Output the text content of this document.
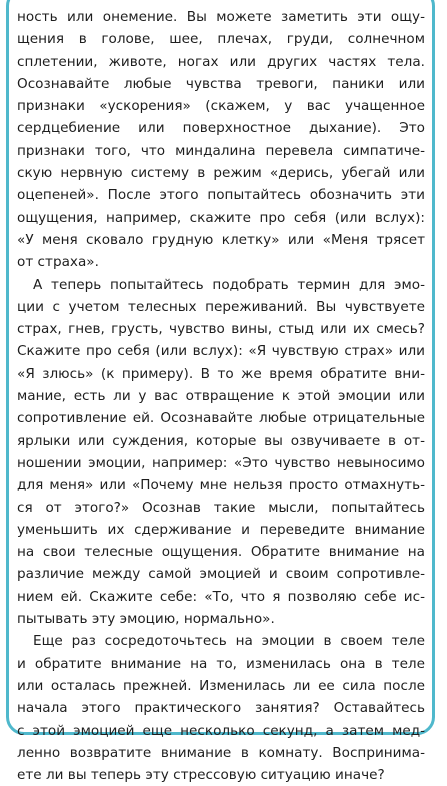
ность или онемение. Вы можете заметить эти ощу-
щения в голове, шее, плечах, груди, солнечном
сплетении, животе, ногах или других частях тела.
Осознавайте любые чувства тревоги, паники или
признаки «ускорения» (скажем, у вас учащенное
сердцебиение или поверхностное дыхание). Это
признаки того, что миндалина перевела симпатиче-
скую нервную систему в режим «дерись, убегай или
оцепеней». После этого попытайтесь обозначить эти
ощущения, например, скажите про себя (или вслух):
«У меня сковало грудную клетку» или «Меня трясет
от страха».
А теперь попытайтесь подобрать термин для эмо-
ции с учетом телесных переживаний. Вы чувствуете
страх, гнев, грусть, чувство вины, стыд или их смесь?
Скажите про себя (или вслух): «Я чувствую страх» или
«Я злюсь» (к примеру). В то же время обратите вни-
мание, есть ли у вас отвращение к этой эмоции или
сопротивление ей. Осознавайте любые отрицательные
ярлыки или суждения, которые вы озвучиваете в от-
ношении эмоции, например: «Это чувство невыносимо
для меня» или «Почему мне нельзя просто отмахнуть-
ся от этого?» Осознав такие мысли, попытайтесь
уменьшить их сдерживание и переведите внимание
на свои телесные ощущения. Обратите внимание на
различие между самой эмоцией и своим сопротивле-
нием ей. Скажите себе: «То, что я позволяю себе ис-
пытывать эту эмоцию, нормально».
Еще раз сосредоточьтесь на эмоции в своем теле
и обратите внимание на то, изменилась она в теле
или осталась прежней. Изменилась ли ее сила после
начала этого практического занятия? Оставайтесь
с этой эмоцией еще несколько секунд, а затем мед-
ленно возвратите внимание в комнату. Воспринима-
ете ли вы теперь эту стрессовую ситуацию иначе?
